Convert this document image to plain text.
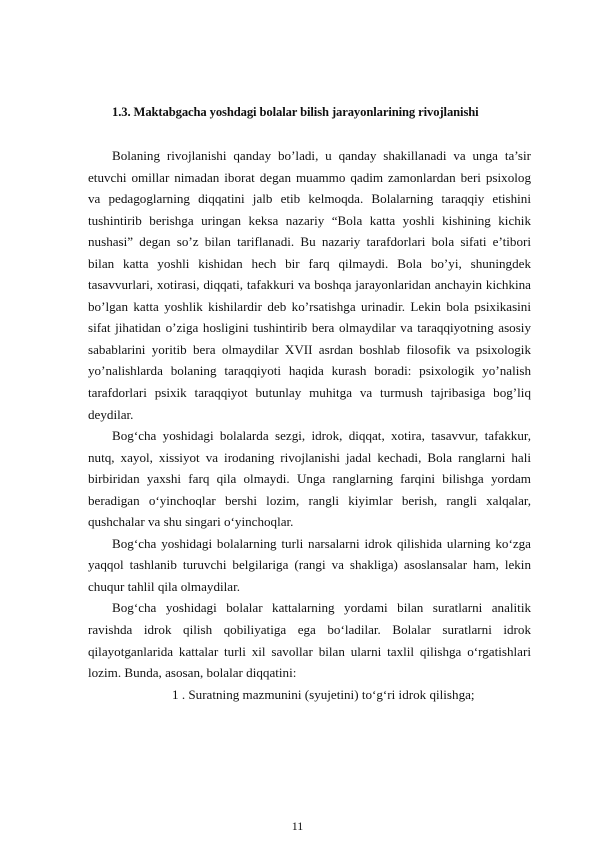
1.3. Maktabgacha yoshdagi bolalar bilish jarayonlarining rivojlanishi

Bolaning rivojlanishi qanday bo’ladi, u qanday shakillanadi va unga ta’sir etuvchi omillar nimadan iborat degan muammo qadim zamonlardan beri psixolog va pedagoglarning diqqatini jalb etib kelmoqda. Bolalarning taraqqiy etishini tushintirib berishga uringan keksa nazariy “Bola katta yoshli kishining kichik nushasi” degan so’z bilan tariflanadi. Bu nazariy tarafdorlari bola sifati e’tibori bilan katta yoshli kishidan hech bir farq qilmaydi. Bola bo’yi, shuningdek tasavvurlari, xotirasi, diqqati, tafakkuri va boshqa jarayonlaridan anchayin kichkina bo’lgan katta yoshlik kishilardir deb ko’rsatishga urinadir. Lekin bola psixikasini sifat jihatidan o’ziga hosligini tushintirib bera olmaydilar va taraqqiyotning asosiy sabablarini yoritib bera olmaydilar XVII asrdan boshlab filosofik va psixologik yo’nalishlarda bolaning taraqqiyoti haqida kurash boradi: psixologik yo’nalish tarafdorlari psixik taraqqiyot butunlay muhitga va turmush tajribasiga bog’liq deydilar.

Bog‘cha yoshidagi bolalarda sezgi, idrok, diqqat, xotira, tasavvur, tafakkur, nutq, xayol, xissiyot va irodaning rivojlanishi jadal kechadi, Bola ranglarni hali birbiridan yaxshi farq qila olmaydi. Unga ranglarning farqini bilishga yordam beradigan o‘yinchoqlar bershi lozim, rangli kiyimlar berish, rangli xalqalar, qushchalar va shu singari o‘yinchoqlar.

Bog‘cha yoshidagi bolalarning turli narsalarni idrok qilishida ularning ko‘zga yaqqol tashlanib turuvchi belgilariga (rangi va shakliga) asoslansalar ham, lekin chuqur tahlil qila olmaydilar.

Bog‘cha yoshidagi bolalar kattalarning yordami bilan suratlarni analitik ravishda idrok qilish qobiliyatiga ega bo‘ladilar. Bolalar suratlarni idrok qilayotganlarida kattalar turli xil savollar bilan ularni taxlil qilishga o‘rgatishlari lozim. Bunda, asosan, bolalar diqqatini:

1 . Suratning mazmunini (syujetini) to‘g‘ri idrok qilishga;

11
